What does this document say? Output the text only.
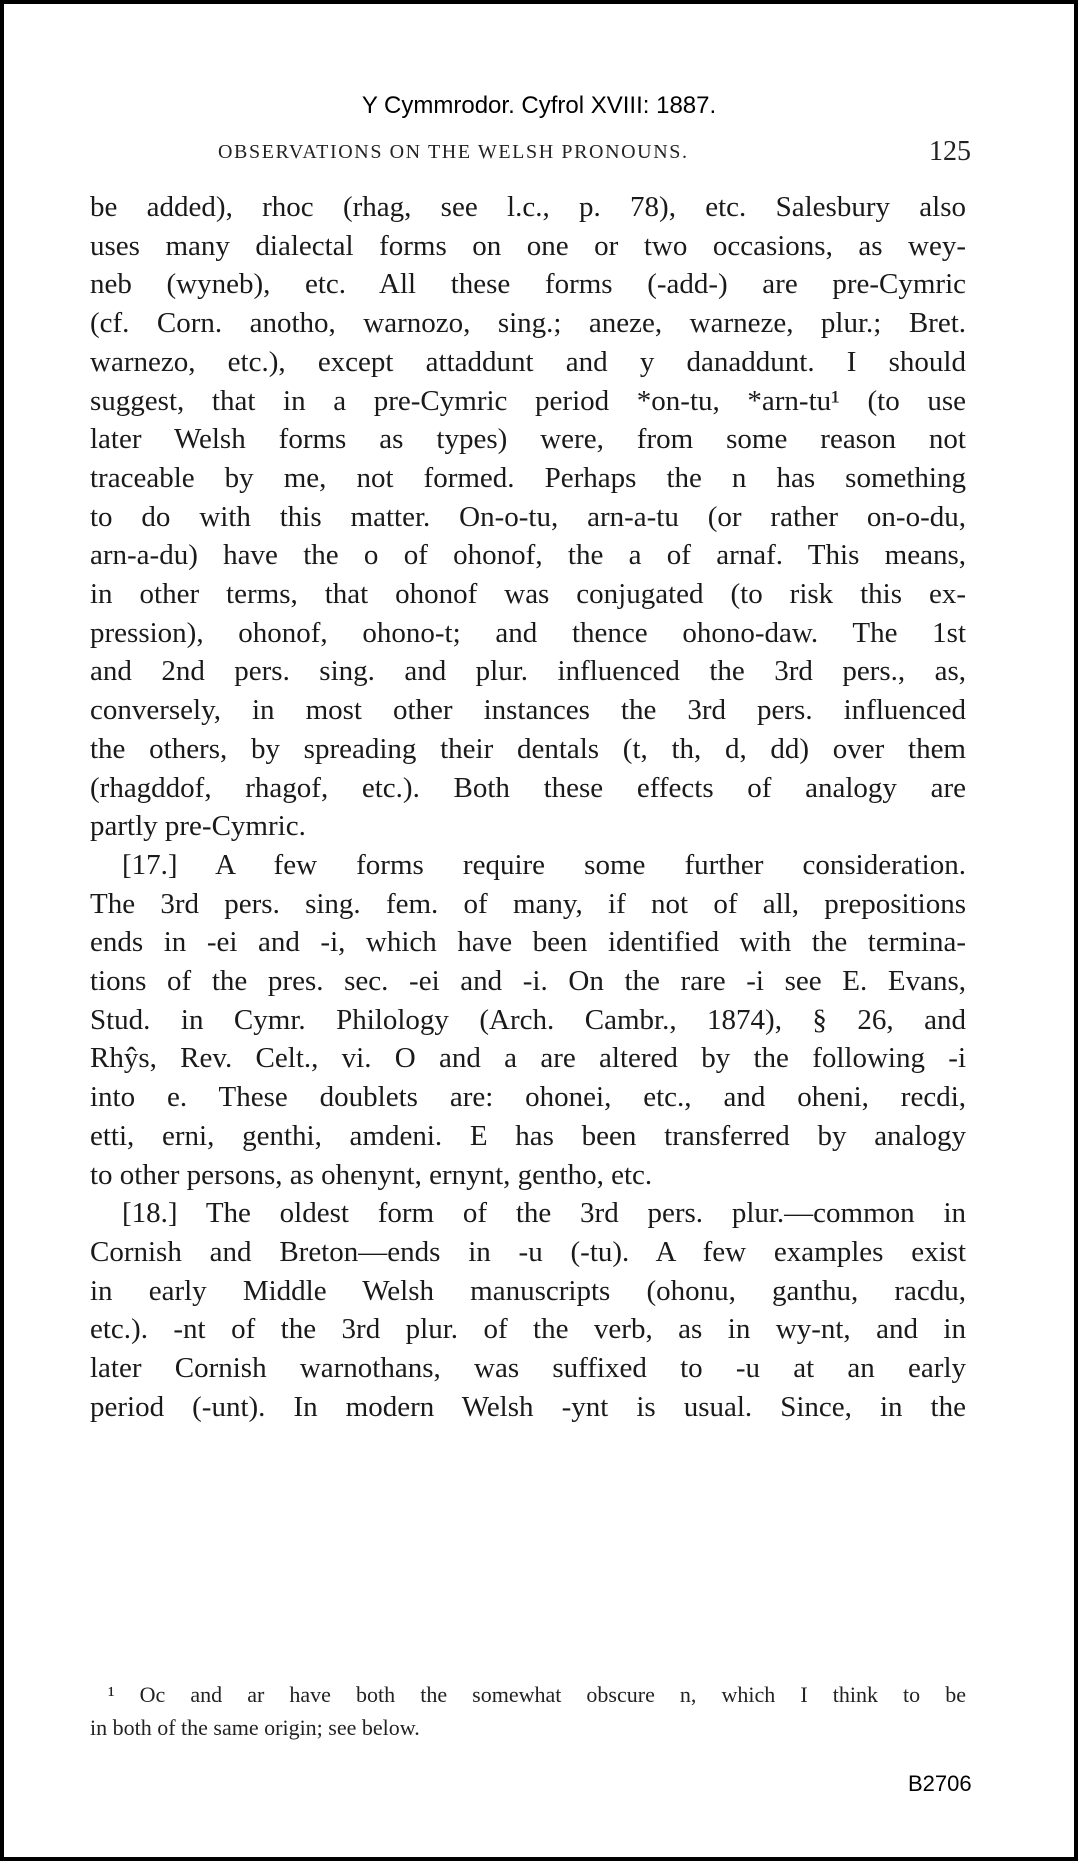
Y Cymmrodor. Cyfrol XVIII: 1887.
OBSERVATIONS ON THE WELSH PRONOUNS.	125
be added), rhoc (rhag, see l.c., p. 78), etc. Salesbury also
uses many dialectal forms on one or two occasions, as wey-
neb (wyneb), etc. All these forms (-add-) are pre-Cymric
(cf. Corn. anotho, warnozo, sing.; aneze, warneze, plur.; Bret.
warnezo, etc.), except attaddunt and y danaddunt. I should
suggest, that in a pre-Cymric period *on-tu, *arn-tu¹ (to use
later Welsh forms as types) were, from some reason not
traceable by me, not formed. Perhaps the n has something
to do with this matter. On-o-tu, arn-a-tu (or rather on-o-du,
arn-a-du) have the o of ohonof, the a of arnaf. This means,
in other terms, that ohonof was conjugated (to risk this ex-
pression), ohonof, ohono-t; and thence ohono-daw. The 1st
and 2nd pers. sing. and plur. influenced the 3rd pers., as,
conversely, in most other instances the 3rd pers. influenced
the others, by spreading their dentals (t, th, d, dd) over them
(rhagddof, rhagof, etc.). Both these effects of analogy are
partly pre-Cymric.
[17.] A few forms require some further consideration.
The 3rd pers. sing. fem. of many, if not of all, prepositions
ends in -ei and -i, which have been identified with the termina-
tions of the pres. sec. -ei and -i. On the rare -i see E. Evans,
Stud. in Cymr. Philology (Arch. Cambr., 1874), § 26, and
Rhŷs, Rev. Celt., vi. O and a are altered by the following -i
into e. These doublets are: ohonei, etc., and oheni, recdi,
etti, erni, genthi, amdeni. E has been transferred by analogy
to other persons, as ohenynt, ernynt, gentho, etc.
[18.] The oldest form of the 3rd pers. plur.—common in
Cornish and Breton—ends in -u (-tu). A few examples exist
in early Middle Welsh manuscripts (ohonu, ganthu, racdu,
etc.). -nt of the 3rd plur. of the verb, as in wy-nt, and in
later Cornish warnothans, was suffixed to -u at an early
period (-unt). In modern Welsh -ynt is usual. Since, in the
¹ Oc and ar have both the somewhat obscure n, which I think to be
in both of the same origin; see below.
B2706
